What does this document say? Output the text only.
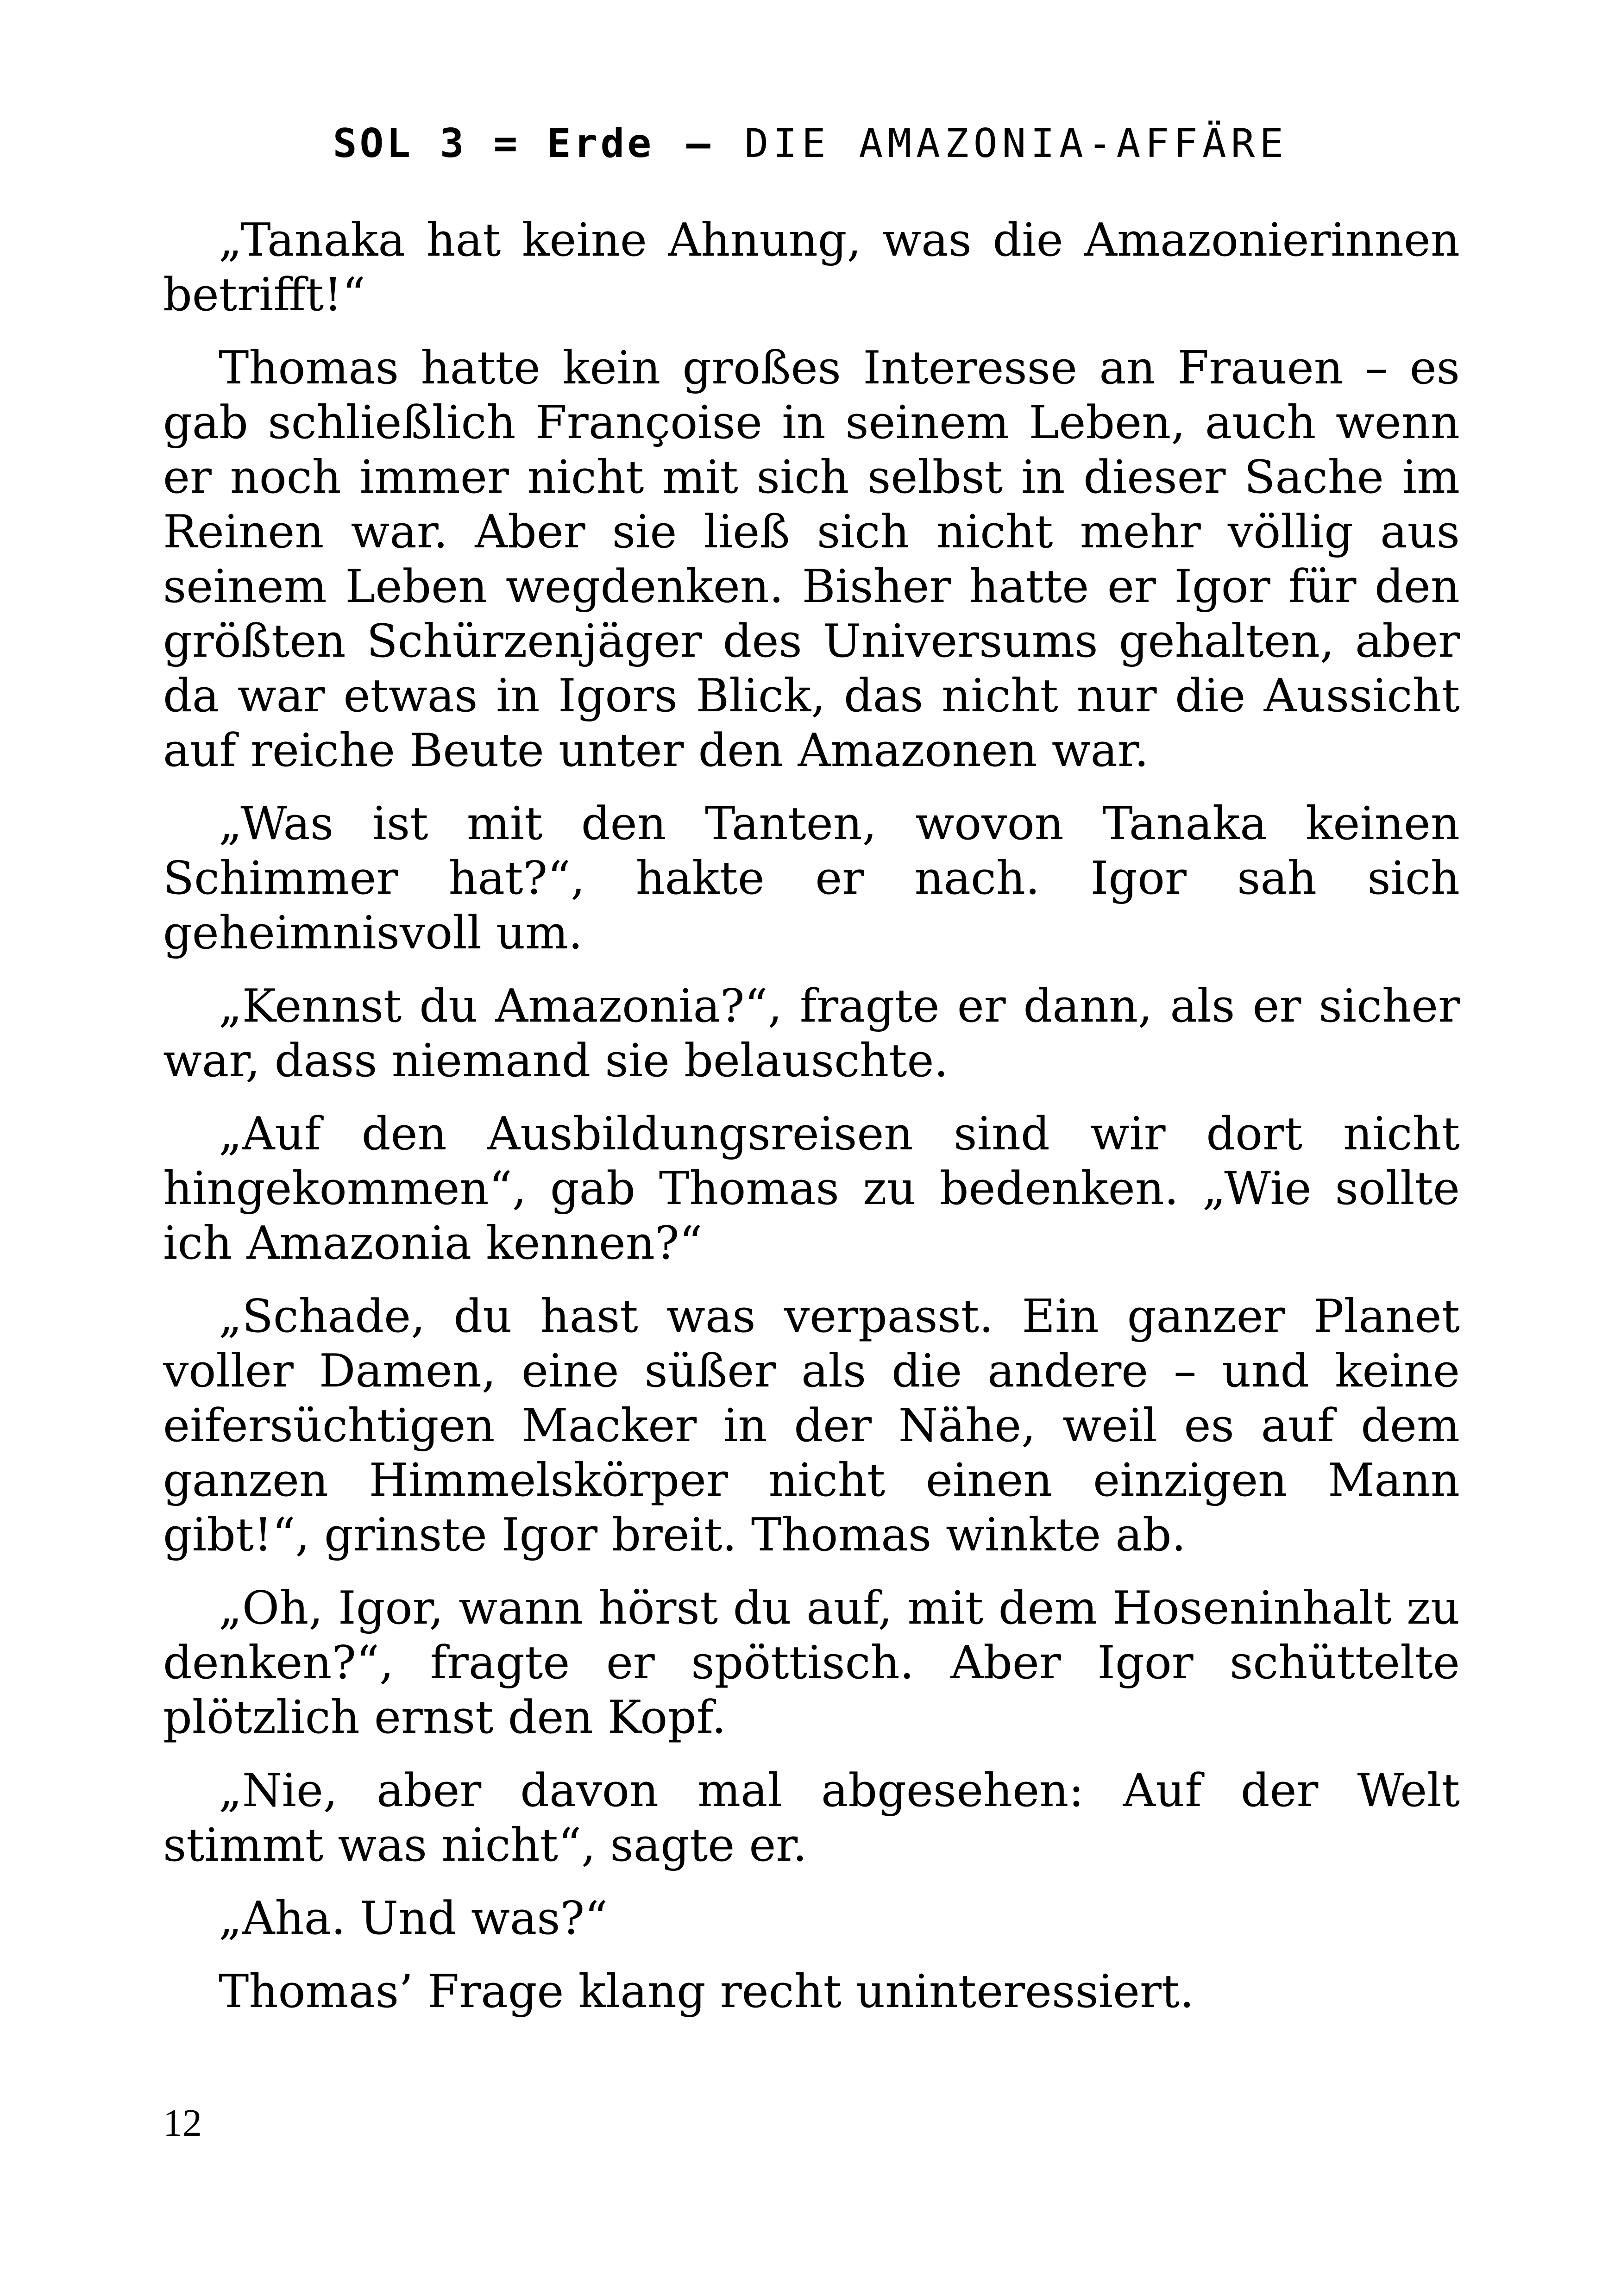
SOL 3 = Erde – DIE AMAZONIA-AFFÄRE

„Tanaka hat keine Ahnung, was die Amazonierinnen betrifft!“

Thomas hatte kein großes Interesse an Frauen – es gab schließlich Françoise in seinem Leben, auch wenn er noch immer nicht mit sich selbst in dieser Sache im Reinen war. Aber sie ließ sich nicht mehr völlig aus seinem Leben wegdenken. Bisher hatte er Igor für den größten Schürzenjäger des Universums gehalten, aber da war etwas in Igors Blick, das nicht nur die Aussicht auf reiche Beute unter den Amazonen war.

„Was ist mit den Tanten, wovon Tanaka keinen Schimmer hat?“, hakte er nach. Igor sah sich geheimnisvoll um.

„Kennst du Amazonia?“, fragte er dann, als er sicher war, dass niemand sie belauschte.

„Auf den Ausbildungsreisen sind wir dort nicht hingekommen“, gab Thomas zu bedenken. „Wie sollte ich Amazonia kennen?“

„Schade, du hast was verpasst. Ein ganzer Planet voller Damen, eine süßer als die andere – und keine eifersüchtigen Macker in der Nähe, weil es auf dem ganzen Himmelskörper nicht einen einzigen Mann gibt!“, grinste Igor breit. Thomas winkte ab.

„Oh, Igor, wann hörst du auf, mit dem Hoseninhalt zu denken?“, fragte er spöttisch. Aber Igor schüttelte plötzlich ernst den Kopf.

„Nie, aber davon mal abgesehen: Auf der Welt stimmt was nicht“, sagte er.

„Aha. Und was?“

Thomas’ Frage klang recht uninteressiert.

12
